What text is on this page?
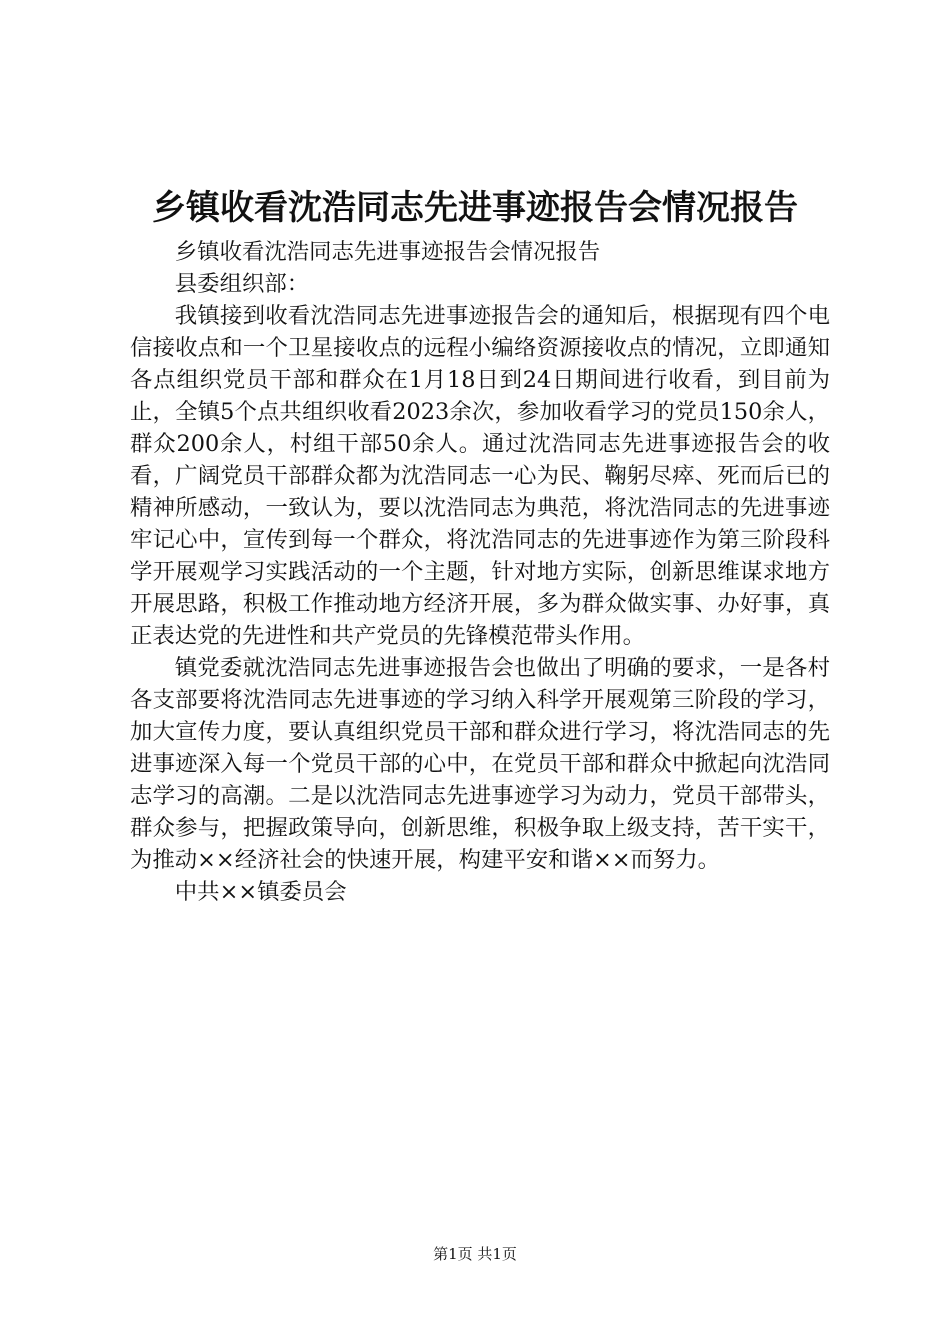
乡镇收看沈浩同志先进事迹报告会情况报告

乡镇收看沈浩同志先进事迹报告会情况报告

县委组织部：

我镇接到收看沈浩同志先进事迹报告会的通知后，根据现有四个电信接收点和一个卫星接收点的远程小编络资源接收点的情况，立即通知各点组织党员干部和群众在1月18日到24日期间进行收看，到目前为止，全镇5个点共组织收看2023余次，参加收看学习的党员150余人，群众200余人，村组干部50余人。通过沈浩同志先进事迹报告会的收看，广阔党员干部群众都为沈浩同志一心为民、鞠躬尽瘁、死而后已的精神所感动，一致认为，要以沈浩同志为典范，将沈浩同志的先进事迹牢记心中，宣传到每一个群众，将沈浩同志的先进事迹作为第三阶段科学开展观学习实践活动的一个主题，针对地方实际，创新思维谋求地方开展思路，积极工作推动地方经济开展，多为群众做实事、办好事，真正表达党的先进性和共产党员的先锋模范带头作用。

镇党委就沈浩同志先进事迹报告会也做出了明确的要求，一是各村各支部要将沈浩同志先进事迹的学习纳入科学开展观第三阶段的学习，加大宣传力度，要认真组织党员干部和群众进行学习，将沈浩同志的先进事迹深入每一个党员干部的心中，在党员干部和群众中掀起向沈浩同志学习的高潮。二是以沈浩同志先进事迹学习为动力，党员干部带头，群众参与，把握政策导向，创新思维，积极争取上级支持，苦干实干，为推动××经济社会的快速开展，构建平安和谐××而努力。

中共××镇委员会

第1页 共1页
